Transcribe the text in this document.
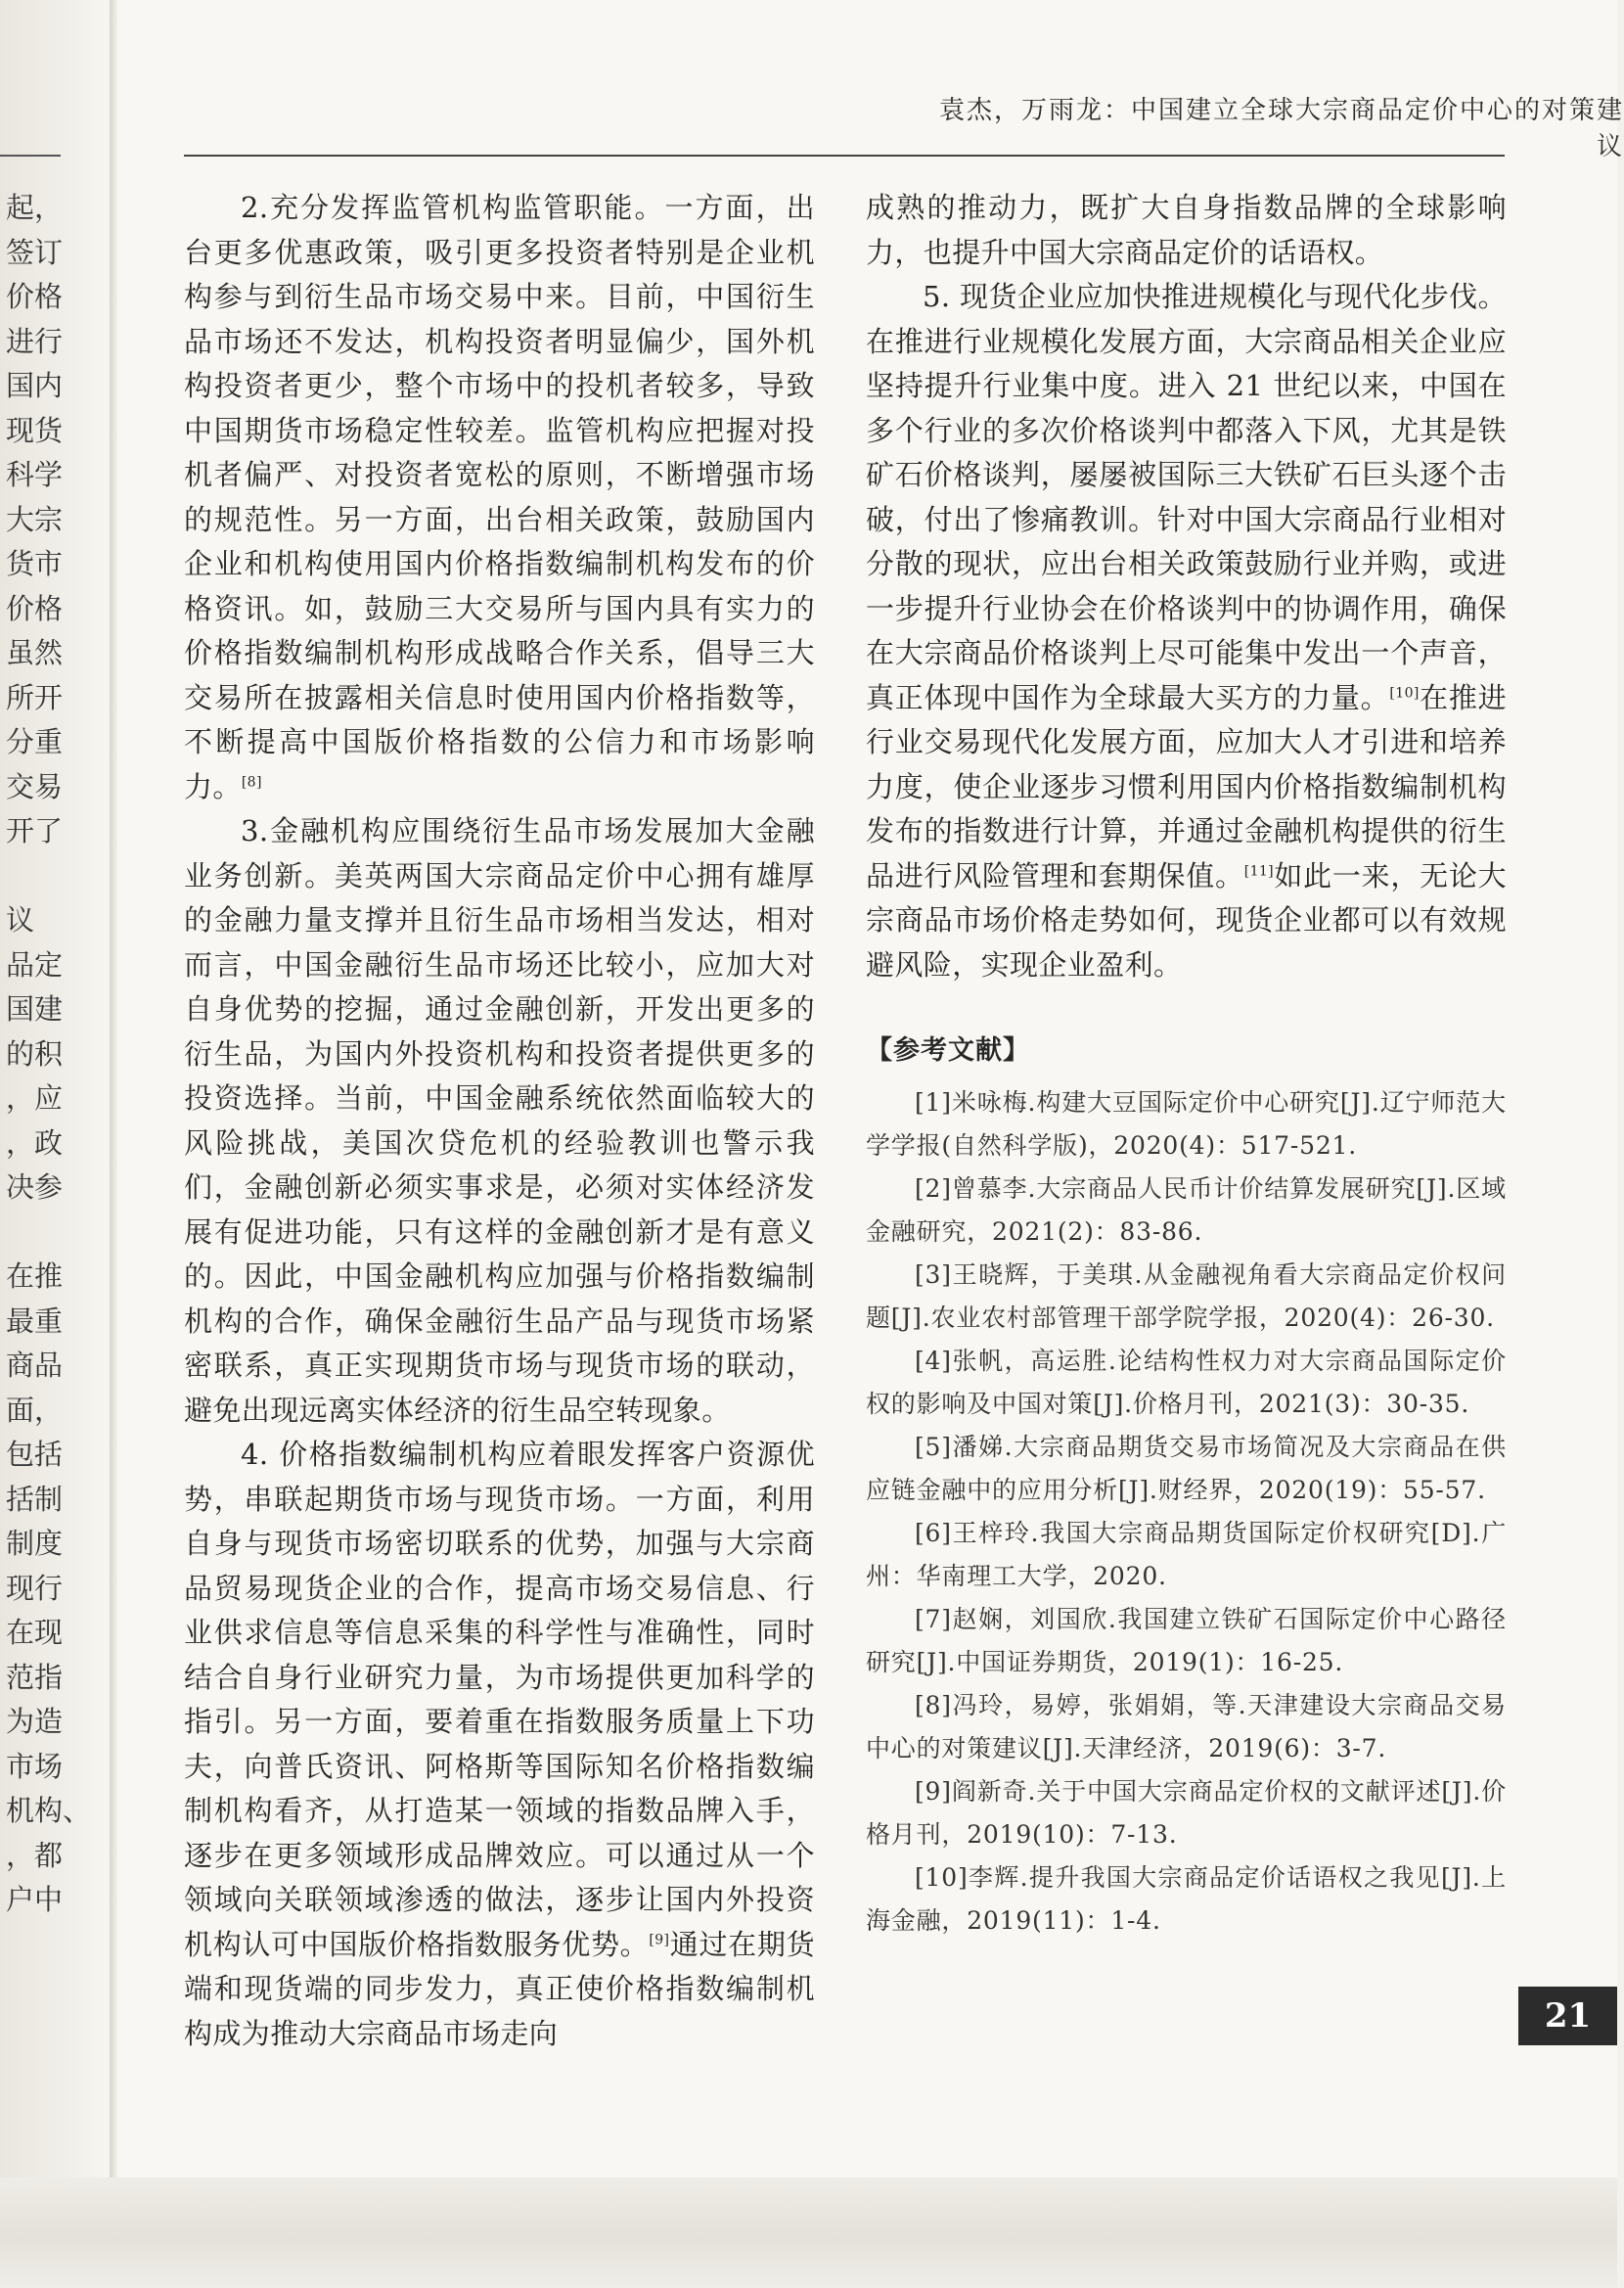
起，
签订
价格
进行
国内
现货
科学
大宗
货市
价格
虽然
所开
分重
交易
开了
议
品定
国建
的积
，应
，政
决参
在推
最重
商品
面，
包括
括制
制度
现行
在现
范指
为造
市场
机构、
，都
户中
袁杰，万雨龙：中国建立全球大宗商品定价中心的对策建议

2.充分发挥监管机构监管职能。一方面，出台更多优惠政策，吸引更多投资者特别是企业机构参与到衍生品市场交易中来。目前，中国衍生品市场还不发达，机构投资者明显偏少，国外机构投资者更少，整个市场中的投机者较多，导致中国期货市场稳定性较差。监管机构应把握对投机者偏严、对投资者宽松的原则，不断增强市场的规范性。另一方面，出台相关政策，鼓励国内企业和机构使用国内价格指数编制机构发布的价格资讯。如，鼓励三大交易所与国内具有实力的价格指数编制机构形成战略合作关系，倡导三大交易所在披露相关信息时使用国内价格指数等，不断提高中国版价格指数的公信力和市场影响力。[8]

3.金融机构应围绕衍生品市场发展加大金融业务创新。美英两国大宗商品定价中心拥有雄厚的金融力量支撑并且衍生品市场相当发达，相对而言，中国金融衍生品市场还比较小，应加大对自身优势的挖掘，通过金融创新，开发出更多的衍生品，为国内外投资机构和投资者提供更多的投资选择。当前，中国金融系统依然面临较大的风险挑战，美国次贷危机的经验教训也警示我们，金融创新必须实事求是，必须对实体经济发展有促进功能，只有这样的金融创新才是有意义的。因此，中国金融机构应加强与价格指数编制机构的合作，确保金融衍生品产品与现货市场紧密联系，真正实现期货市场与现货市场的联动，避免出现远离实体经济的衍生品空转现象。

4. 价格指数编制机构应着眼发挥客户资源优势，串联起期货市场与现货市场。一方面，利用自身与现货市场密切联系的优势，加强与大宗商品贸易现货企业的合作，提高市场交易信息、行业供求信息等信息采集的科学性与准确性，同时结合自身行业研究力量，为市场提供更加科学的指引。另一方面，要着重在指数服务质量上下功夫，向普氏资讯、阿格斯等国际知名价格指数编制机构看齐，从打造某一领域的指数品牌入手，逐步在更多领域形成品牌效应。可以通过从一个领域向关联领域渗透的做法，逐步让国内外投资机构认可中国版价格指数服务优势。[9]通过在期货端和现货端的同步发力，真正使价格指数编制机构成为推动大宗商品市场走向

成熟的推动力，既扩大自身指数品牌的全球影响力，也提升中国大宗商品定价的话语权。

5. 现货企业应加快推进规模化与现代化步伐。在推进行业规模化发展方面，大宗商品相关企业应坚持提升行业集中度。进入 21 世纪以来，中国在多个行业的多次价格谈判中都落入下风，尤其是铁矿石价格谈判，屡屡被国际三大铁矿石巨头逐个击破，付出了惨痛教训。针对中国大宗商品行业相对分散的现状，应出台相关政策鼓励行业并购，或进一步提升行业协会在价格谈判中的协调作用，确保在大宗商品价格谈判上尽可能集中发出一个声音，真正体现中国作为全球最大买方的力量。[10]在推进行业交易现代化发展方面，应加大人才引进和培养力度，使企业逐步习惯利用国内价格指数编制机构发布的指数进行计算，并通过金融机构提供的衍生品进行风险管理和套期保值。[11]如此一来，无论大宗商品市场价格走势如何，现货企业都可以有效规避风险，实现企业盈利。

【参考文献】

[1]米咏梅.构建大豆国际定价中心研究[J].辽宁师范大学学报(自然科学版)，2020(4)：517-521.

[2]曾慕李.大宗商品人民币计价结算发展研究[J].区域金融研究，2021(2)：83-86.

[3]王晓辉，于美琪.从金融视角看大宗商品定价权问题[J].农业农村部管理干部学院学报，2020(4)：26-30.

[4]张帆，高运胜.论结构性权力对大宗商品国际定价权的影响及中国对策[J].价格月刊，2021(3)：30-35.

[5]潘娣.大宗商品期货交易市场简况及大宗商品在供应链金融中的应用分析[J].财经界，2020(19)：55-57.

[6]王梓玲.我国大宗商品期货国际定价权研究[D].广州：华南理工大学，2020.

[7]赵娴，刘国欣.我国建立铁矿石国际定价中心路径研究[J].中国证券期货，2019(1)：16-25.

[8]冯玲，易婷，张娟娟，等.天津建设大宗商品交易中心的对策建议[J].天津经济，2019(6)：3-7.

[9]阎新奇.关于中国大宗商品定价权的文献评述[J].价格月刊，2019(10)：7-13.

[10]李辉.提升我国大宗商品定价话语权之我见[J].上海金融，2019(11)：1-4.

21
